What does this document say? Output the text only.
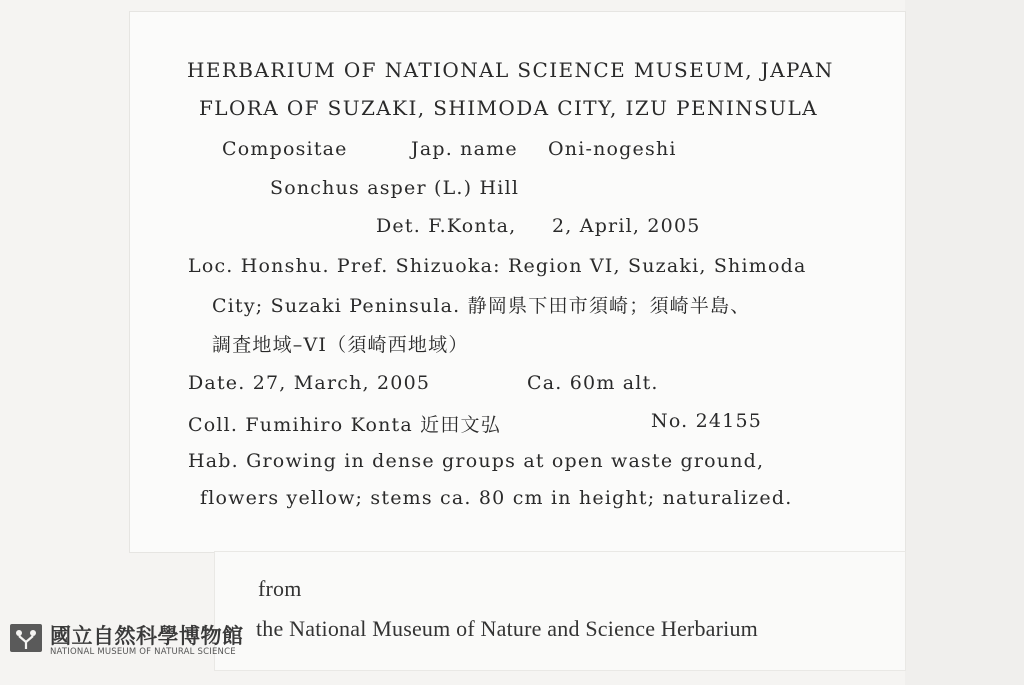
HERBARIUM OF NATIONAL SCIENCE MUSEUM, JAPAN
FLORA OF SUZAKI, SHIMODA CITY, IZU PENINSULA
Compositae	Jap. name Oni-nogeshi
Sonchus asper (L.) Hill
Det. F.Konta, 2, April, 2005
Loc. Honshu. Pref. Shizuoka: Region VI, Suzaki, Shimoda
City; Suzaki Peninsula. 静岡県下田市須崎；須崎半島、
調査地域–VI（須崎西地域）
Date. 27, March, 2005	Ca. 60m alt.
Coll. Fumihiro Konta 近田文弘	No. 24155
Hab. Growing in dense groups at open waste ground,
flowers yellow; stems ca. 80 cm in height; naturalized.
from
the National Museum of Nature and Science Herbarium
國立自然科學博物館
NATIONAL MUSEUM OF NATURAL SCIENCE
